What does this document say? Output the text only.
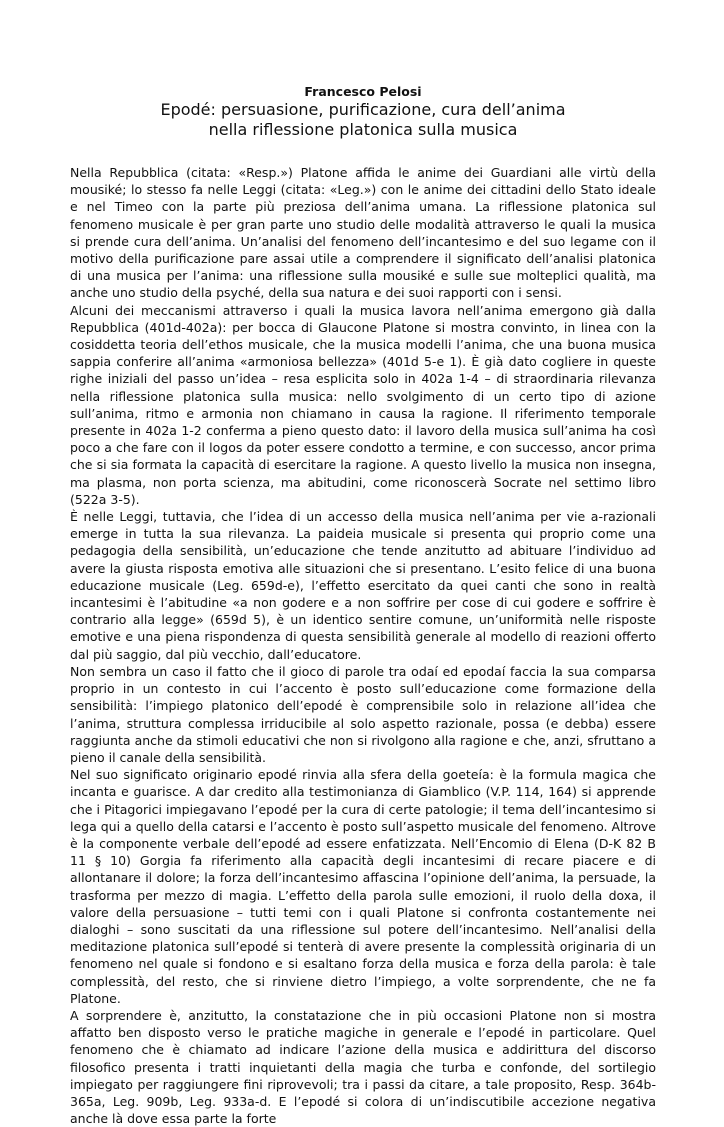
Francesco Pelosi

Epodé: persuasione, purificazione, cura dell’anima
nella riflessione platonica sulla musica

Nella Repubblica (citata: «Resp.») Platone affida le anime dei Guardiani alle virtù della mousiké; lo stesso fa nelle Leggi (citata: «Leg.») con le anime dei cittadini dello Stato ideale e nel Timeo con la parte più preziosa dell’anima umana. La riflessione platonica sul fenomeno musicale è per gran parte uno studio delle modalità attraverso le quali la musica si prende cura dell’anima. Un’analisi del fenomeno dell’incantesimo e del suo legame con il motivo della purificazione pare assai utile a comprendere il significato dell’analisi platonica di una musica per l’anima: una riflessione sulla mousiké e sulle sue molteplici qualità, ma anche uno studio della psyché, della sua natura e dei suoi rapporti con i sensi.

Alcuni dei meccanismi attraverso i quali la musica lavora nell’anima emergono già dalla Repubblica (401d-402a): per bocca di Glaucone Platone si mostra convinto, in linea con la cosiddetta teoria dell’ethos musicale, che la musica modelli l’anima, che una buona musica sappia conferire all’anima «armoniosa bellezza» (401d 5-e 1). È già dato cogliere in queste righe iniziali del passo un’idea – resa esplicita solo in 402a 1-4 – di straordinaria rilevanza nella riflessione platonica sulla musica: nello svolgimento di un certo tipo di azione sull’anima, ritmo e armonia non chiamano in causa la ragione. Il riferimento temporale presente in 402a 1-2 conferma a pieno questo dato: il lavoro della musica sull’anima ha così poco a che fare con il logos da poter essere condotto a termine, e con successo, ancor prima che si sia formata la capacità di esercitare la ragione. A questo livello la musica non insegna, ma plasma, non porta scienza, ma abitudini, come riconoscerà Socrate nel settimo libro (522a 3-5).

È nelle Leggi, tuttavia, che l’idea di un accesso della musica nell’anima per vie a-razionali emerge in tutta la sua rilevanza. La paideia musicale si presenta qui proprio come una pedagogia della sensibilità, un’educazione che tende anzitutto ad abituare l’individuo ad avere la giusta risposta emotiva alle situazioni che si presentano. L’esito felice di una buona educazione musicale (Leg. 659d-e), l’effetto esercitato da quei canti che sono in realtà incantesimi è l’abitudine «a non godere e a non soffrire per cose di cui godere e soffrire è contrario alla legge» (659d 5), è un identico sentire comune, un’uniformità nelle risposte emotive e una piena rispondenza di questa sensibilità generale al modello di reazioni offerto dal più saggio, dal più vecchio, dall’educatore.

Non sembra un caso il fatto che il gioco di parole tra odaí ed epodaí faccia la sua comparsa proprio in un contesto in cui l’accento è posto sull’educazione come formazione della sensibilità: l’impiego platonico dell’epodé è comprensibile solo in relazione all’idea che l’anima, struttura complessa irriducibile al solo aspetto razionale, possa (e debba) essere raggiunta anche da stimoli educativi che non si rivolgono alla ragione e che, anzi, sfruttano a pieno il canale della sensibilità.

Nel suo significato originario epodé rinvia alla sfera della goeteía: è la formula magica che incanta e guarisce. A dar credito alla testimonianza di Giamblico (V.P. 114, 164) si apprende che i Pitagorici impiegavano l’epodé per la cura di certe patologie; il tema dell’incantesimo si lega qui a quello della catarsi e l’accento è posto sull’aspetto musicale del fenomeno. Altrove è la componente verbale dell’epodé ad essere enfatizzata. Nell’Encomio di Elena (D-K 82 B 11 § 10) Gorgia fa riferimento alla capacità degli incantesimi di recare piacere e di allontanare il dolore; la forza dell’incantesimo affascina l’opinione dell’anima, la persuade, la trasforma per mezzo di magia. L’effetto della parola sulle emozioni, il ruolo della doxa, il valore della persuasione – tutti temi con i quali Platone si confronta costantemente nei dialoghi – sono suscitati da una riflessione sul potere dell’incantesimo. Nell’analisi della meditazione platonica sull’epodé si tenterà di avere presente la complessità originaria di un fenomeno nel quale si fondono e si esaltano forza della musica e forza della parola: è tale complessità, del resto, che si rinviene dietro l’impiego, a volte sorprendente, che ne fa Platone.

A sorprendere è, anzitutto, la constatazione che in più occasioni Platone non si mostra affatto ben disposto verso le pratiche magiche in generale e l’epodé in particolare. Quel fenomeno che è chiamato ad indicare l’azione della musica e addirittura del discorso filosofico presenta i tratti inquietanti della magia che turba e confonde, del sortilegio impiegato per raggiungere fini riprovevoli; tra i passi da citare, a tale proposito, Resp. 364b-365a, Leg. 909b, Leg. 933a-d. E l’epodé si colora di un’indiscutibile accezione negativa anche là dove essa parte la forte
